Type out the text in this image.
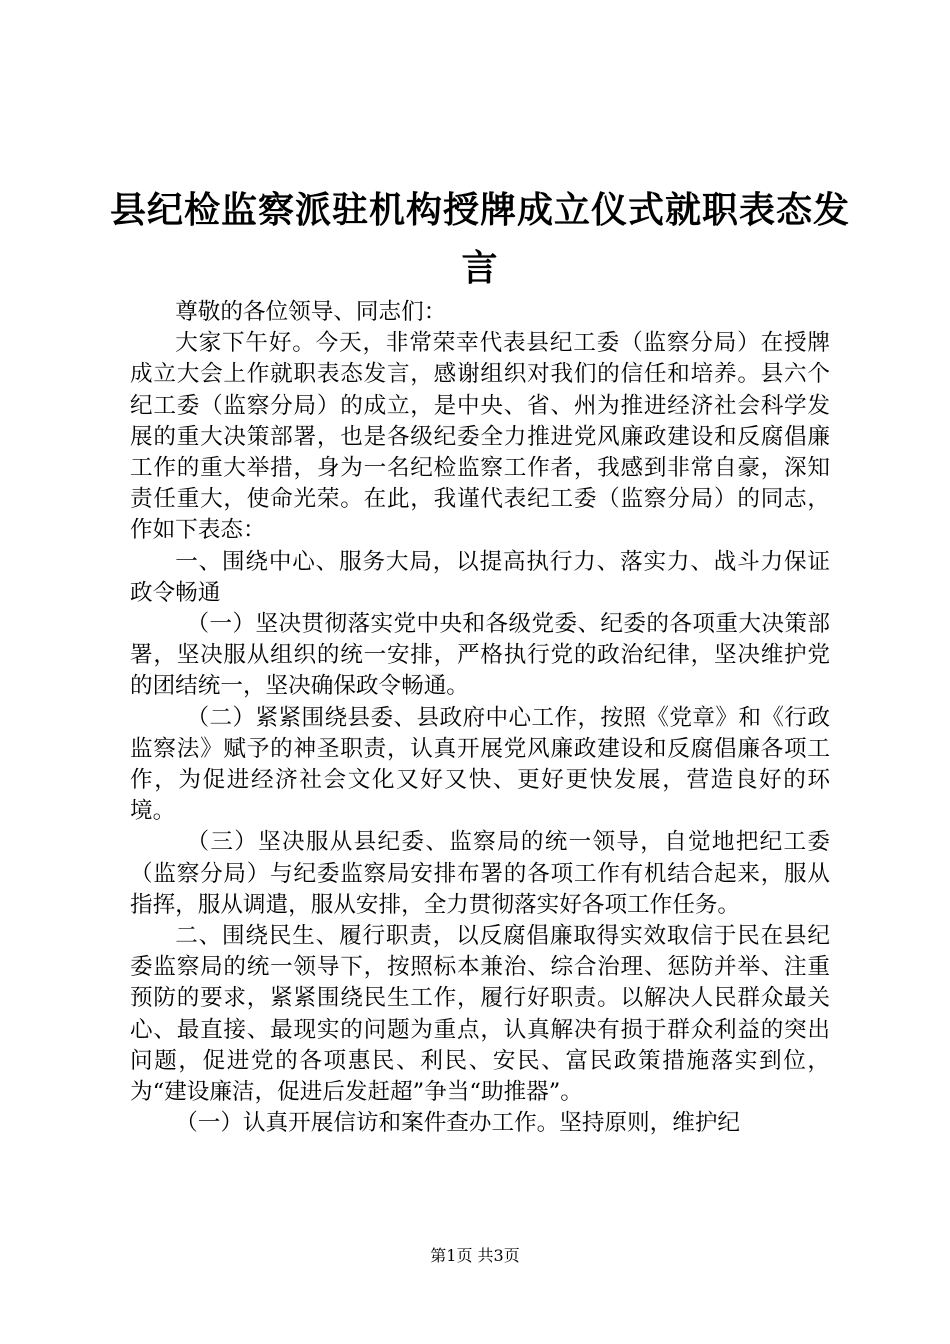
县纪检监察派驻机构授牌成立仪式就职表态发言

尊敬的各位领导、同志们：

大家下午好。今天，非常荣幸代表县纪工委（监察分局）在授牌成立大会上作就职表态发言，感谢组织对我们的信任和培养。县六个纪工委（监察分局）的成立，是中央、省、州为推进经济社会科学发展的重大决策部署，也是各级纪委全力推进党风廉政建设和反腐倡廉工作的重大举措，身为一名纪检监察工作者，我感到非常自豪，深知责任重大，使命光荣。在此，我谨代表纪工委（监察分局）的同志，作如下表态：

一、围绕中心、服务大局，以提高执行力、落实力、战斗力保证政令畅通

（一）坚决贯彻落实党中央和各级党委、纪委的各项重大决策部署，坚决服从组织的统一安排，严格执行党的政治纪律，坚决维护党的团结统一，坚决确保政令畅通。

（二）紧紧围绕县委、县政府中心工作，按照《党章》和《行政监察法》赋予的神圣职责，认真开展党风廉政建设和反腐倡廉各项工作，为促进经济社会文化又好又快、更好更快发展，营造良好的环境。

（三）坚决服从县纪委、监察局的统一领导，自觉地把纪工委（监察分局）与纪委监察局安排布署的各项工作有机结合起来，服从指挥，服从调遣，服从安排，全力贯彻落实好各项工作任务。

二、围绕民生、履行职责，以反腐倡廉取得实效取信于民在县纪委监察局的统一领导下，按照标本兼治、综合治理、惩防并举、注重预防的要求，紧紧围绕民生工作，履行好职责。以解决人民群众最关心、最直接、最现实的问题为重点，认真解决有损于群众利益的突出问题，促进党的各项惠民、利民、安民、富民政策措施落实到位，为“建设廉洁，促进后发赶超”争当“助推器”。

（一）认真开展信访和案件查办工作。坚持原则，维护纪

第1页 共3页
